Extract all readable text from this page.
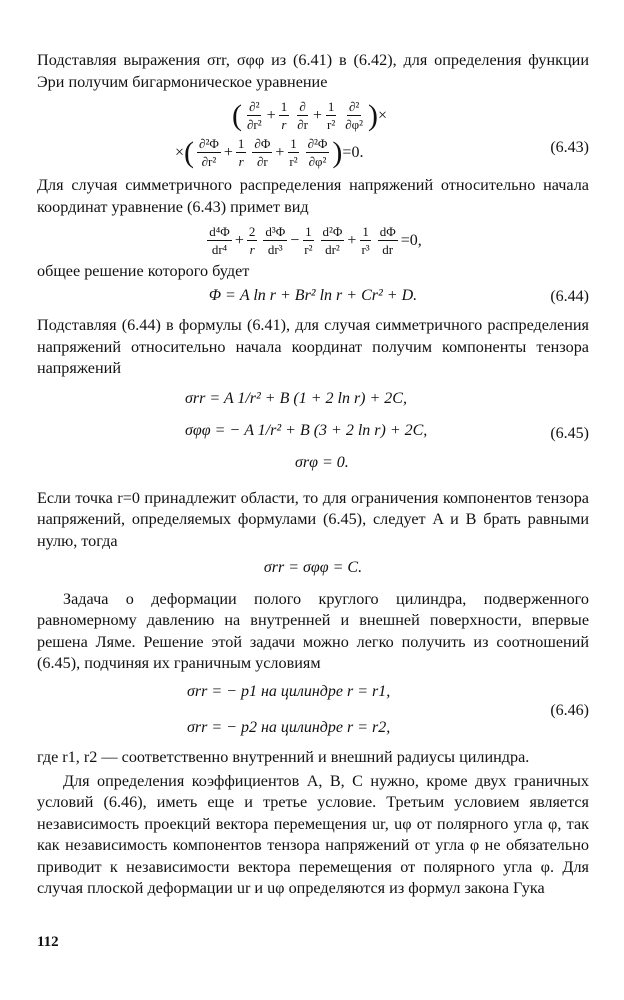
Подставляя выражения σrr, σφφ из (6.41) в (6.42), для определения функции Эри получим бигармоническое уравнение

( $\frac{\text{∂²}}{\text{∂r²}} + \frac{1}{r} \frac{\partial}{\partial r} + \frac{1}{\text{r²}} \frac{\text{∂²}}{\text{∂φ²}}$ ) ×
× ( $\frac{\text{∂²Φ}}{\text{∂r²}} + \frac{1}{r} \frac{\partial\Phi}{\partial r} + \frac{1}{\text{r²}} \frac{\text{∂²Φ}}{\text{∂φ²}}$ ) =0.	(6.43)

Для случая симметричного распределения напряжений относительно начала координат уравнение (6.43) примет вид

$\frac{\text{d⁴Φ}}{\text{dr⁴}} + \frac{2}{r} \frac{\text{d³Φ}}{\text{dr³}} - \frac{1}{\text{r²}} \frac{\text{d²Φ}}{\text{dr²}} + \frac{1}{\text{r³}} \frac{d\Phi}{dr} =0$,

общее решение которого будет

Φ = A ln r + Br² ln r + Cr² + D.	(6.44)

Подставляя (6.44) в формулы (6.41), для случая симметричного распределения напряжений относительно начала координат получим компоненты тензора напряжений

σrr = A 1/r² + B (1 + 2 ln r) + 2C,
σφφ = − A 1/r² + B (3 + 2 ln r) + 2C,
σrφ = 0.
(6.45)

Если точка r=0 принадлежит области, то для ограничения компонентов тензора напряжений, определяемых формулами (6.45), следует A и B брать равными нулю, тогда

σrr = σφφ = C.

Задача о деформации полого круглого цилиндра, подверженного равномерному давлению на внутренней и внешней поверхности, впервые решена Ляме. Решение этой задачи можно легко получить из соотношений (6.45), подчиняя их граничным условиям

σrr = − p1 на цилиндре r = r1,
σrr = − p2 на цилиндре r = r2,
(6.46)

где r1, r2 — соответственно внутренний и внешний радиусы цилиндра.

Для определения коэффициентов A, B, C нужно, кроме двух граничных условий (6.46), иметь еще и третье условие. Третьим условием является независимость проекций вектора перемещения ur, uφ от полярного угла φ, так как независимость компонентов тензора напряжений от угла φ не обязательно приводит к независимости вектора перемещения от полярного угла φ. Для случая плоской деформации ur и uφ определяются из формул закона Гука

112
